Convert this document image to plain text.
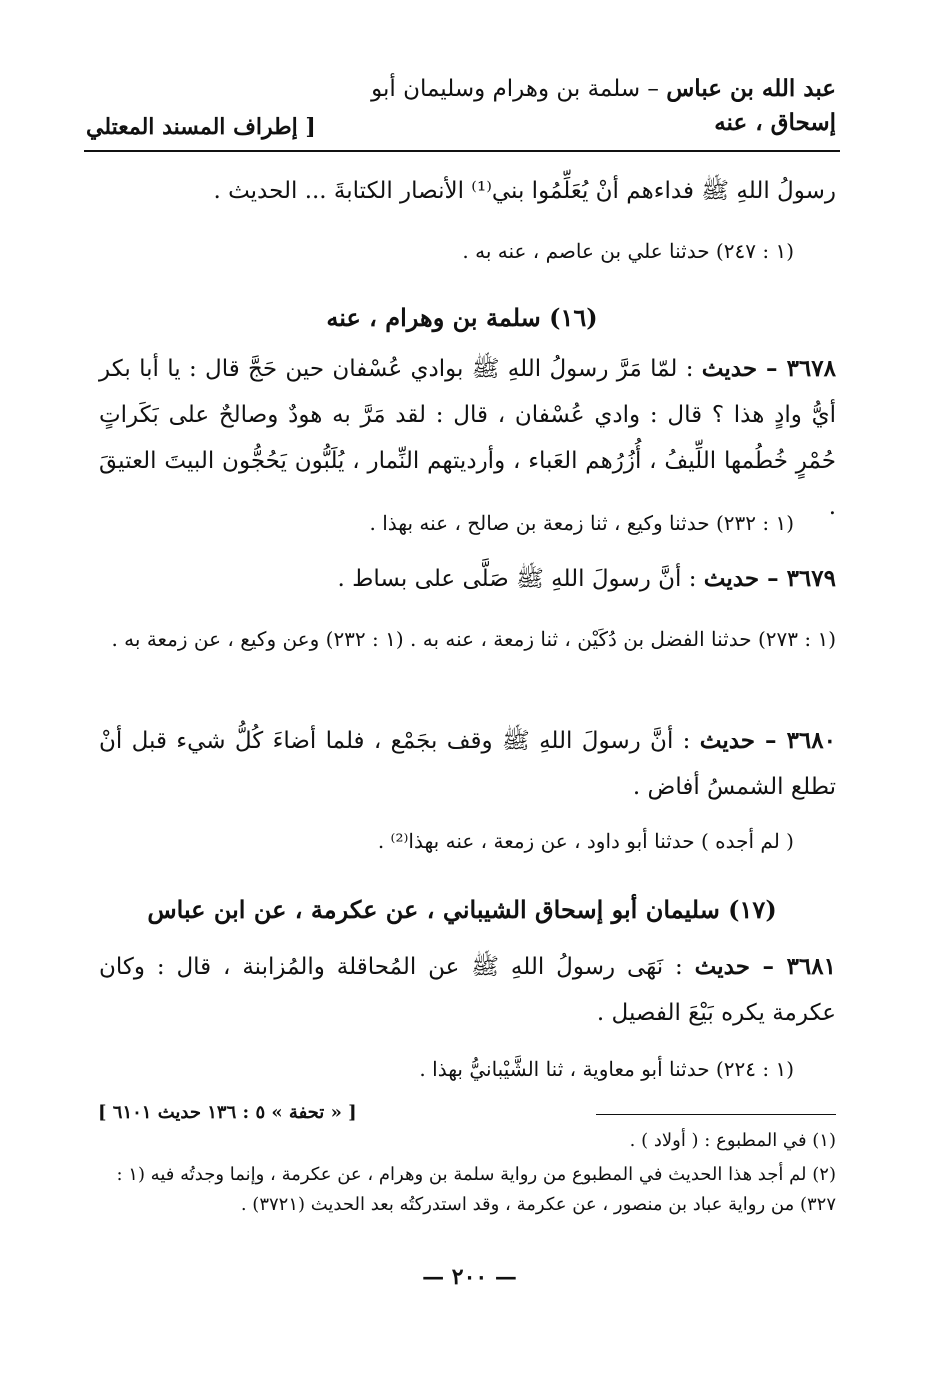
عبد الله بن عباس – سلمة بن وهرام وسليمان أبو
إسحاق ، عنه
[ إطراف المسند المعتلي
رسولُ اللهِ ﷺ فداءهم أنْ يُعَلِّمُوا بني⁽¹⁾ الأنصار الكتابةَ ... الحديث .
(١ : ٢٤٧) حدثنا علي بن عاصم ، عنه به .
(١٦) سلمة بن وهرام ، عنه
٣٦٧٨ – حديث : لمّا مَرَّ رسولُ اللهِ ﷺ بوادي عُسْفان حين حَجَّ قال : يا أبا بكر أيُّ وادٍ هذا ؟ قال : وادي عُسْفان ، قال : لقد مَرَّ به هودٌ وصالحٌ على بَكَراتٍ حُمْرٍ خُطُمها اللِّيفُ ، أُزُرُهم العَباء ، وأرديتهم النِّمار ، يُلَبُّون يَحُجُّون البيتَ العتيقَ .
(١ : ٢٣٢) حدثنا وكيع ، ثنا زمعة بن صالح ، عنه بهذا .
٣٦٧٩ – حديث : أنَّ رسولَ اللهِ ﷺ صَلَّى على بساط .
(١ : ٢٧٣) حدثنا الفضل بن دُكَيْن ، ثنا زمعة ، عنه به . (١ : ٢٣٢) وعن وكيع ، عن زمعة به .
٣٦٨٠ – حديث : أنَّ رسولَ اللهِ ﷺ وقف بجَمْع ، فلما أضاءَ كُلُّ شيء قبل أنْ تطلع الشمسُ أفاض .
( لم أجده ) حدثنا أبو داود ، عن زمعة ، عنه بهذا⁽²⁾ .
(١٧) سليمان أبو إسحاق الشيباني ، عن عكرمة ، عن ابن عباس
٣٦٨١ – حديث : نَهَى رسولُ اللهِ ﷺ عن المُحاقلة والمُزابنة ، قال : وكان عكرمة يكره بَيْعَ الفصيل .
(١ : ٢٢٤) حدثنا أبو معاوية ، ثنا الشَّيْبانيُّ بهذا .
[ « تحفة » ٥ : ١٣٦ حديث ٦١٠١ ]
(١) في المطبوع : ( أولاد ) .
(٢) لم أجد هذا الحديث في المطبوع من رواية سلمة بن وهرام ، عن عكرمة ، وإنما وجدتُه فيه (١ : ٣٢٧) من رواية عباد بن منصور ، عن عكرمة ، وقد استدركتُه بعد الحديث (٣٧٢١) .
— ٢٠٠ —
